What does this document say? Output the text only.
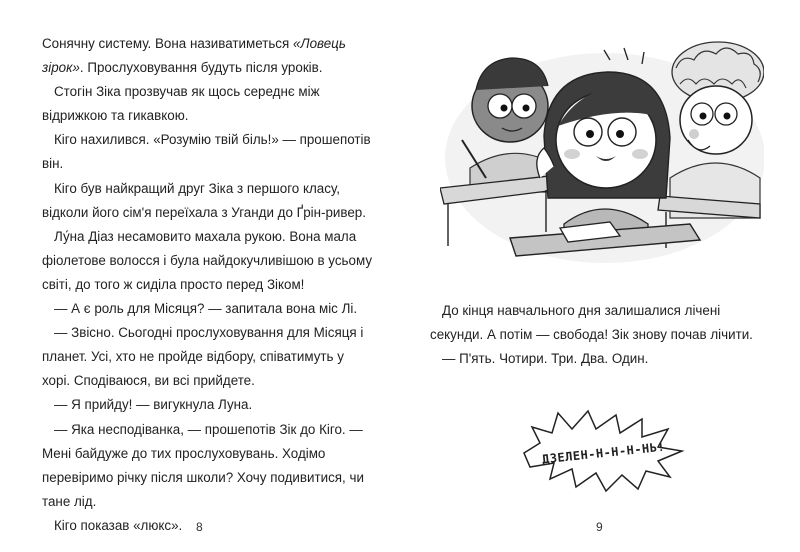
Сонячну систему. Вона називатиметься «Ловець зірок». Прослуховування будуть після уроків.

Стогін Зіка прозвучав як щось середнє між відрижкою та гикавкою.

Кіго нахилився. «Розумію твій біль!» — прошепотів він.

Кіго був найкращий друг Зіка з першого класу, відколи його сім'я переїхала з Уганди до Ґрін-ривер.

Лу́на Діаз несамовито махала рукою. Вона мала фіолетове волосся і була найдокучливішою в усьому світі, до того ж сиділа просто перед Зіком!

— А є роль для Місяця? — запитала вона міс Лі.

— Звісно. Сьогодні прослуховування для Місяця і планет. Усі, хто не пройде відбору, співатимуть у хорі. Сподіваюся, ви всі прийдете.

— Я прийду! — вигукнула Луна.

— Яка несподіванка, — прошепотів Зік до Кіго. — Мені байдуже до тих прослуховувань. Ходімо перевіримо річку після школи? Хочу подивитися, чи тане лід.

Кіго показав «люкс».	8

До кінця навчального дня залишалися лічені секунди. А потім — свобода! Зік знову почав лічити.

— П'ять. Чотири. Три. Два. Один.

ДЗЕЛЕН-Н-Н-Н-НЬ!
9
